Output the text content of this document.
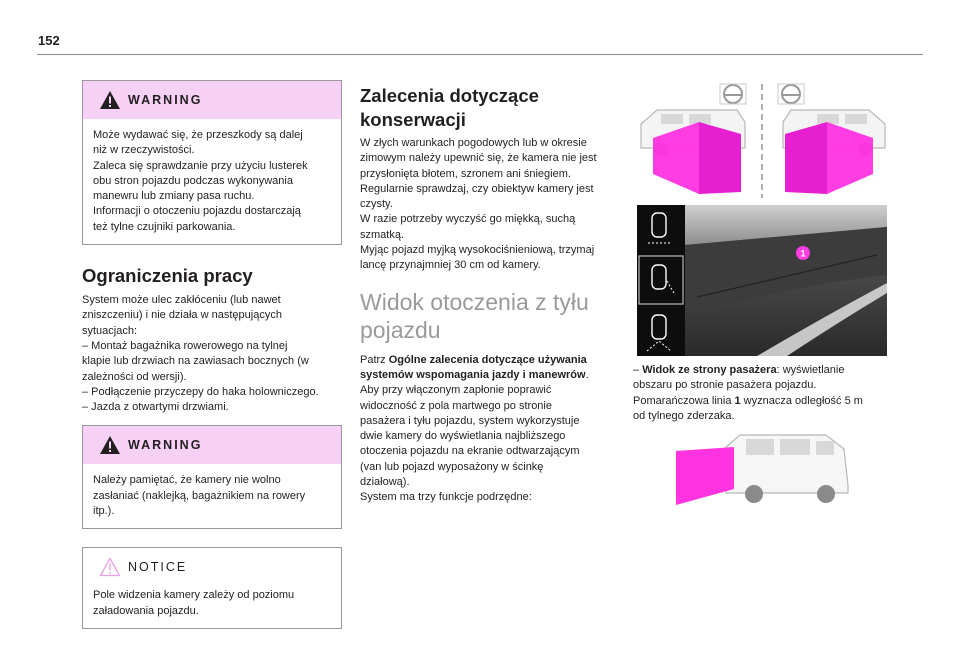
152
WARNING
Może wydawać się, że przeszkody są dalej
niż w rzeczywistości.
Zaleca się sprawdzanie przy użyciu lusterek
obu stron pojazdu podczas wykonywania
manewru lub zmiany pasa ruchu.
Informacji o otoczeniu pojazdu dostarczają
też tylne czujniki parkowania.
Ograniczenia pracy

System może ulec zakłóceniu (lub nawet

zniszczeniu) i nie działa w następujących

sytuacjach:

– Montaż bagażnika rowerowego na tylnej

klapie lub drzwiach na zawiasach bocznych (w

zależności od wersji).

– Podłączenie przyczepy do haka holowniczego.

– Jazda z otwartymi drzwiami.

WARNING
Należy pamiętać, że kamery nie wolno
zasłaniać (naklejką, bagażnikiem na rowery
itp.).
NOTICE
Pole widzenia kamery zależy od poziomu
załadowania pojazdu.
Zalecenia dotyczące
konserwacji

W złych warunkach pogodowych lub w okresie

zimowym należy upewnić się, że kamera nie jest

przysłonięta błotem, szronem ani śniegiem.

Regularnie sprawdzaj, czy obiektyw kamery jest

czysty.

W razie potrzeby wyczyść go miękką, suchą

szmatką.

Myjąc pojazd myjką wysokociśnieniową, trzymaj

lancę przynajmniej 30 cm od kamery.

Widok otoczenia z tyłu
pojazdu

Patrz Ogólne zalecenia dotyczące używania

systemów wspomagania jazdy i manewrów.

Aby przy włączonym zapłonie poprawić

widoczność z pola martwego po stronie

pasażera i tyłu pojazdu, system wykorzystuje

dwie kamery do wyświetlania najbliższego

otoczenia pojazdu na ekranie odtwarzającym

(van lub pojazd wyposażony w ścinkę

działową).

System ma trzy funkcje podrzędne:

1

– Widok ze strony pasażera: wyświetlanie

obszaru po stronie pasażera pojazdu.

Pomarańczowa linia 1 wyznacza odległość 5 m

od tylnego zderzaka.
